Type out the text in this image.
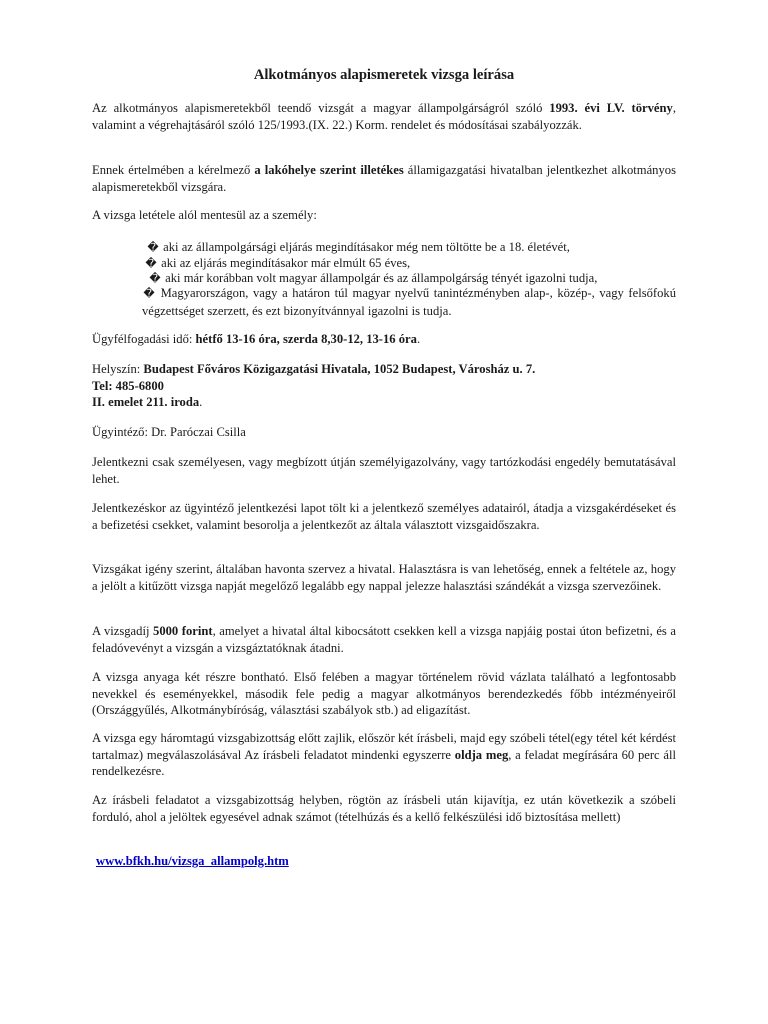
Alkotmányos alapismeretek vizsga leírása

Az alkotmányos alapismeretekből teendő vizsgát a magyar állampolgárságról szóló 1993. évi LV. törvény, valamint a végrehajtásáról szóló 125/1993.(IX. 22.) Korm. rendelet és módosításai szabályozzák.

Ennek értelmében a kérelmező a lakóhelye szerint illetékes államigazgatási hivatalban jelentkezhet alkotmányos alapismeretekből vizsgára.

A vizsga letétele alól mentesül az a személy:

� aki az állampolgársági eljárás megindításakor még nem töltötte be a 18. életévét,
� aki az eljárás megindításakor már elmúlt 65 éves,
� aki már korábban volt magyar állampolgár és az állampolgárság tényét igazolni tudja,
� Magyarországon, vagy a határon túl magyar nyelvű tanintézményben alap-, közép-, vagy felsőfokú végzettséget szerzett, és ezt bizonyítvánnyal igazolni is tudja.

Ügyfélfogadási idő: hétfő 13-16 óra, szerda 8,30-12, 13-16 óra.

Helyszín: Budapest Főváros Közigazgatási Hivatala, 1052 Budapest, Városház u. 7.
Tel: 485-6800
II. emelet 211. iroda.

Ügyintéző: Dr. Paróczai Csilla

Jelentkezni csak személyesen, vagy megbízott útján személyigazolvány, vagy tartózkodási engedély bemutatásával lehet.

Jelentkezéskor az ügyintéző jelentkezési lapot tölt ki a jelentkező személyes adatairól, átadja a vizsgakérdéseket és a befizetési csekket, valamint besorolja a jelentkezőt az általa választott vizsgaidőszakra.

Vizsgákat igény szerint, általában havonta szervez a hivatal. Halasztásra is van lehetőség, ennek a feltétele az, hogy a jelölt a kitűzött vizsga napját megelőző legalább egy nappal jelezze halasztási szándékát a vizsga szervezőinek.

A vizsgadíj 5000 forint, amelyet a hivatal által kibocsátott csekken kell a vizsga napjáig postai úton befizetni, és a feladóvevényt a vizsgán a vizsgáztatóknak átadni.

A vizsga anyaga két részre bontható. Első felében a magyar történelem rövid vázlata található a legfontosabb nevekkel és eseményekkel, második fele pedig a magyar alkotmányos berendezkedés főbb intézményeiről (Országgyűlés, Alkotmánybíróság, választási szabályok stb.) ad eligazítást.

A vizsga egy háromtagú vizsgabizottság előtt zajlik, először két írásbeli, majd egy szóbeli tétel(egy tétel két kérdést tartalmaz) megválaszolásával Az írásbeli feladatot mindenki egyszerre oldja meg, a feladat megírására 60 perc áll rendelkezésre.

Az írásbeli feladatot a vizsgabizottság helyben, rögtön az írásbeli után kijavítja, ez után következik a szóbeli forduló, ahol a jelöltek egyesével adnak számot (tételhúzás és a kellő felkészülési idő biztosítása mellett)

www.bfkh.hu/vizsga_allampolg.htm
